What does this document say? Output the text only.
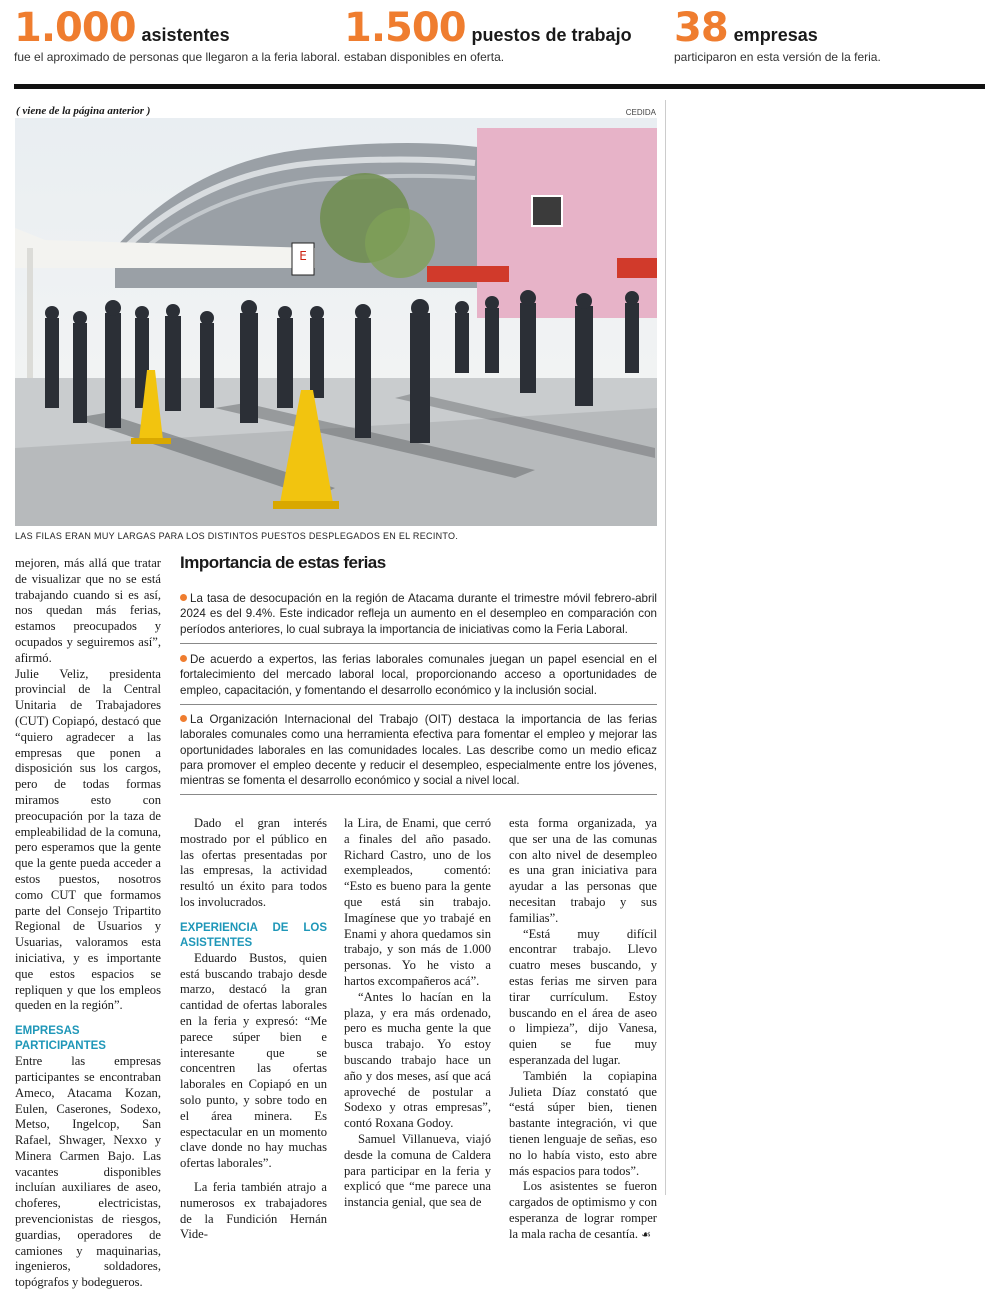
1.000 asistentes
fue el aproximado de personas que llegaron a la feria laboral.
1.500 puestos de trabajo
estaban disponibles en oferta.
38 empresas
participaron en esta versión de la feria.
( viene de la página anterior )	CEDIDA
E
LAS FILAS ERAN MUY LARGAS PARA LOS DISTINTOS PUESTOS DESPLEGADOS EN EL RECINTO.

mejoren, más allá que tratar de visualizar que no se está trabajando cuando si es así, nos quedan más ferias, estamos preocupados y ocupados y seguiremos así”, afirmó.

Julie Veliz, presidenta provincial de la Central Unitaria de Trabajadores (CUT) Copiapó, destacó que “quiero agradecer a las empresas que ponen a disposición sus los cargos, pero de todas formas miramos esto con preocupación por la taza de empleabilidad de la comuna, pero esperamos que la gente que la gente pueda acceder a estos puestos, nosotros como CUT que formamos parte del Consejo Tripartito Regional de Usuarios y Usuarias, valoramos esta iniciativa, y es importante que estos espacios se repliquen y que los empleos queden en la región”.

EMPRESAS PARTICIPANTES

Entre las empresas participantes se encontraban Ameco, Atacama Kozan, Eulen, Caserones, Sodexo, Metso, Ingelcop, San Rafael, Shwager, Nexxo y Minera Carmen Bajo. Las vacantes disponibles incluían auxiliares de aseo, choferes, electricistas, prevencionistas de riesgos, guardias, operadores de camiones y maquinarias, ingenieros, soldadores, topógrafos y bodegueros.

Importancia de estas ferias
La tasa de desocupación en la región de Atacama durante el trimestre móvil febrero-abril 2024 es del 9.4%. Este indicador refleja un aumento en el desempleo en comparación con períodos anteriores, lo cual subraya la importancia de iniciativas como la Feria Laboral.
De acuerdo a expertos, las ferias laborales comunales juegan un papel esencial en el fortalecimiento del mercado laboral local, proporcionando acceso a oportunidades de empleo, capacitación, y fomentando el desarrollo económico y la inclusión social.
La Organización Internacional del Trabajo (OIT) destaca la importancia de las ferias laborales comunales como una herramienta efectiva para fomentar el empleo y mejorar las oportunidades laborales en las comunidades locales. Las describe como un medio eficaz para promover el empleo decente y reducir el desempleo, especialmente entre los jóvenes, mientras se fomenta el desarrollo económico y social a nivel local.

Dado el gran interés mostrado por el público en las ofertas presentadas por las empresas, la actividad resultó un éxito para todos los involucrados.

EXPERIENCIA DE LOS ASISTENTES

Eduardo Bustos, quien está buscando trabajo desde marzo, destacó la gran cantidad de ofertas laborales en la feria y expresó: “Me parece súper bien e interesante que se concentren las ofertas laborales en Copiapó en un solo punto, y sobre todo en el área minera. Es espectacular en un momento clave donde no hay muchas ofertas laborales”.

La feria también atrajo a numerosos ex trabajadores de la Fundición Hernán Vide-

la Lira, de Enami, que cerró a finales del año pasado. Richard Castro, uno de los exempleados, comentó: “Esto es bueno para la gente que está sin trabajo. Imagínese que yo trabajé en Enami y ahora quedamos sin trabajo, y son más de 1.000 personas. Yo he visto a hartos excompañeros acá”.

“Antes lo hacían en la plaza, y era más ordenado, pero es mucha gente la que busca trabajo. Yo estoy buscando trabajo hace un año y dos meses, así que acá aproveché de postular a Sodexo y otras empresas”, contó Roxana Godoy.

Samuel Villanueva, viajó desde la comuna de Caldera para participar en la feria y explicó que “me parece una instancia genial, que sea de

esta forma organizada, ya que ser una de las comunas con alto nivel de desempleo es una gran iniciativa para ayudar a las personas que necesitan trabajo y sus familias”.

“Está muy difícil encontrar trabajo. Llevo cuatro meses buscando, y estas ferias me sirven para tirar currículum. Estoy buscando en el área de aseo o limpieza”, dijo Vanesa, quien se fue muy esperanzada del lugar.

También la copiapina Julieta Díaz constató que “está súper bien, tienen bastante integración, vi que tienen lenguaje de señas, eso no lo había visto, esto abre más espacios para todos”.

Los asistentes se fueron cargados de optimismo y con esperanza de lograr romper la mala racha de cesantía. ☙
